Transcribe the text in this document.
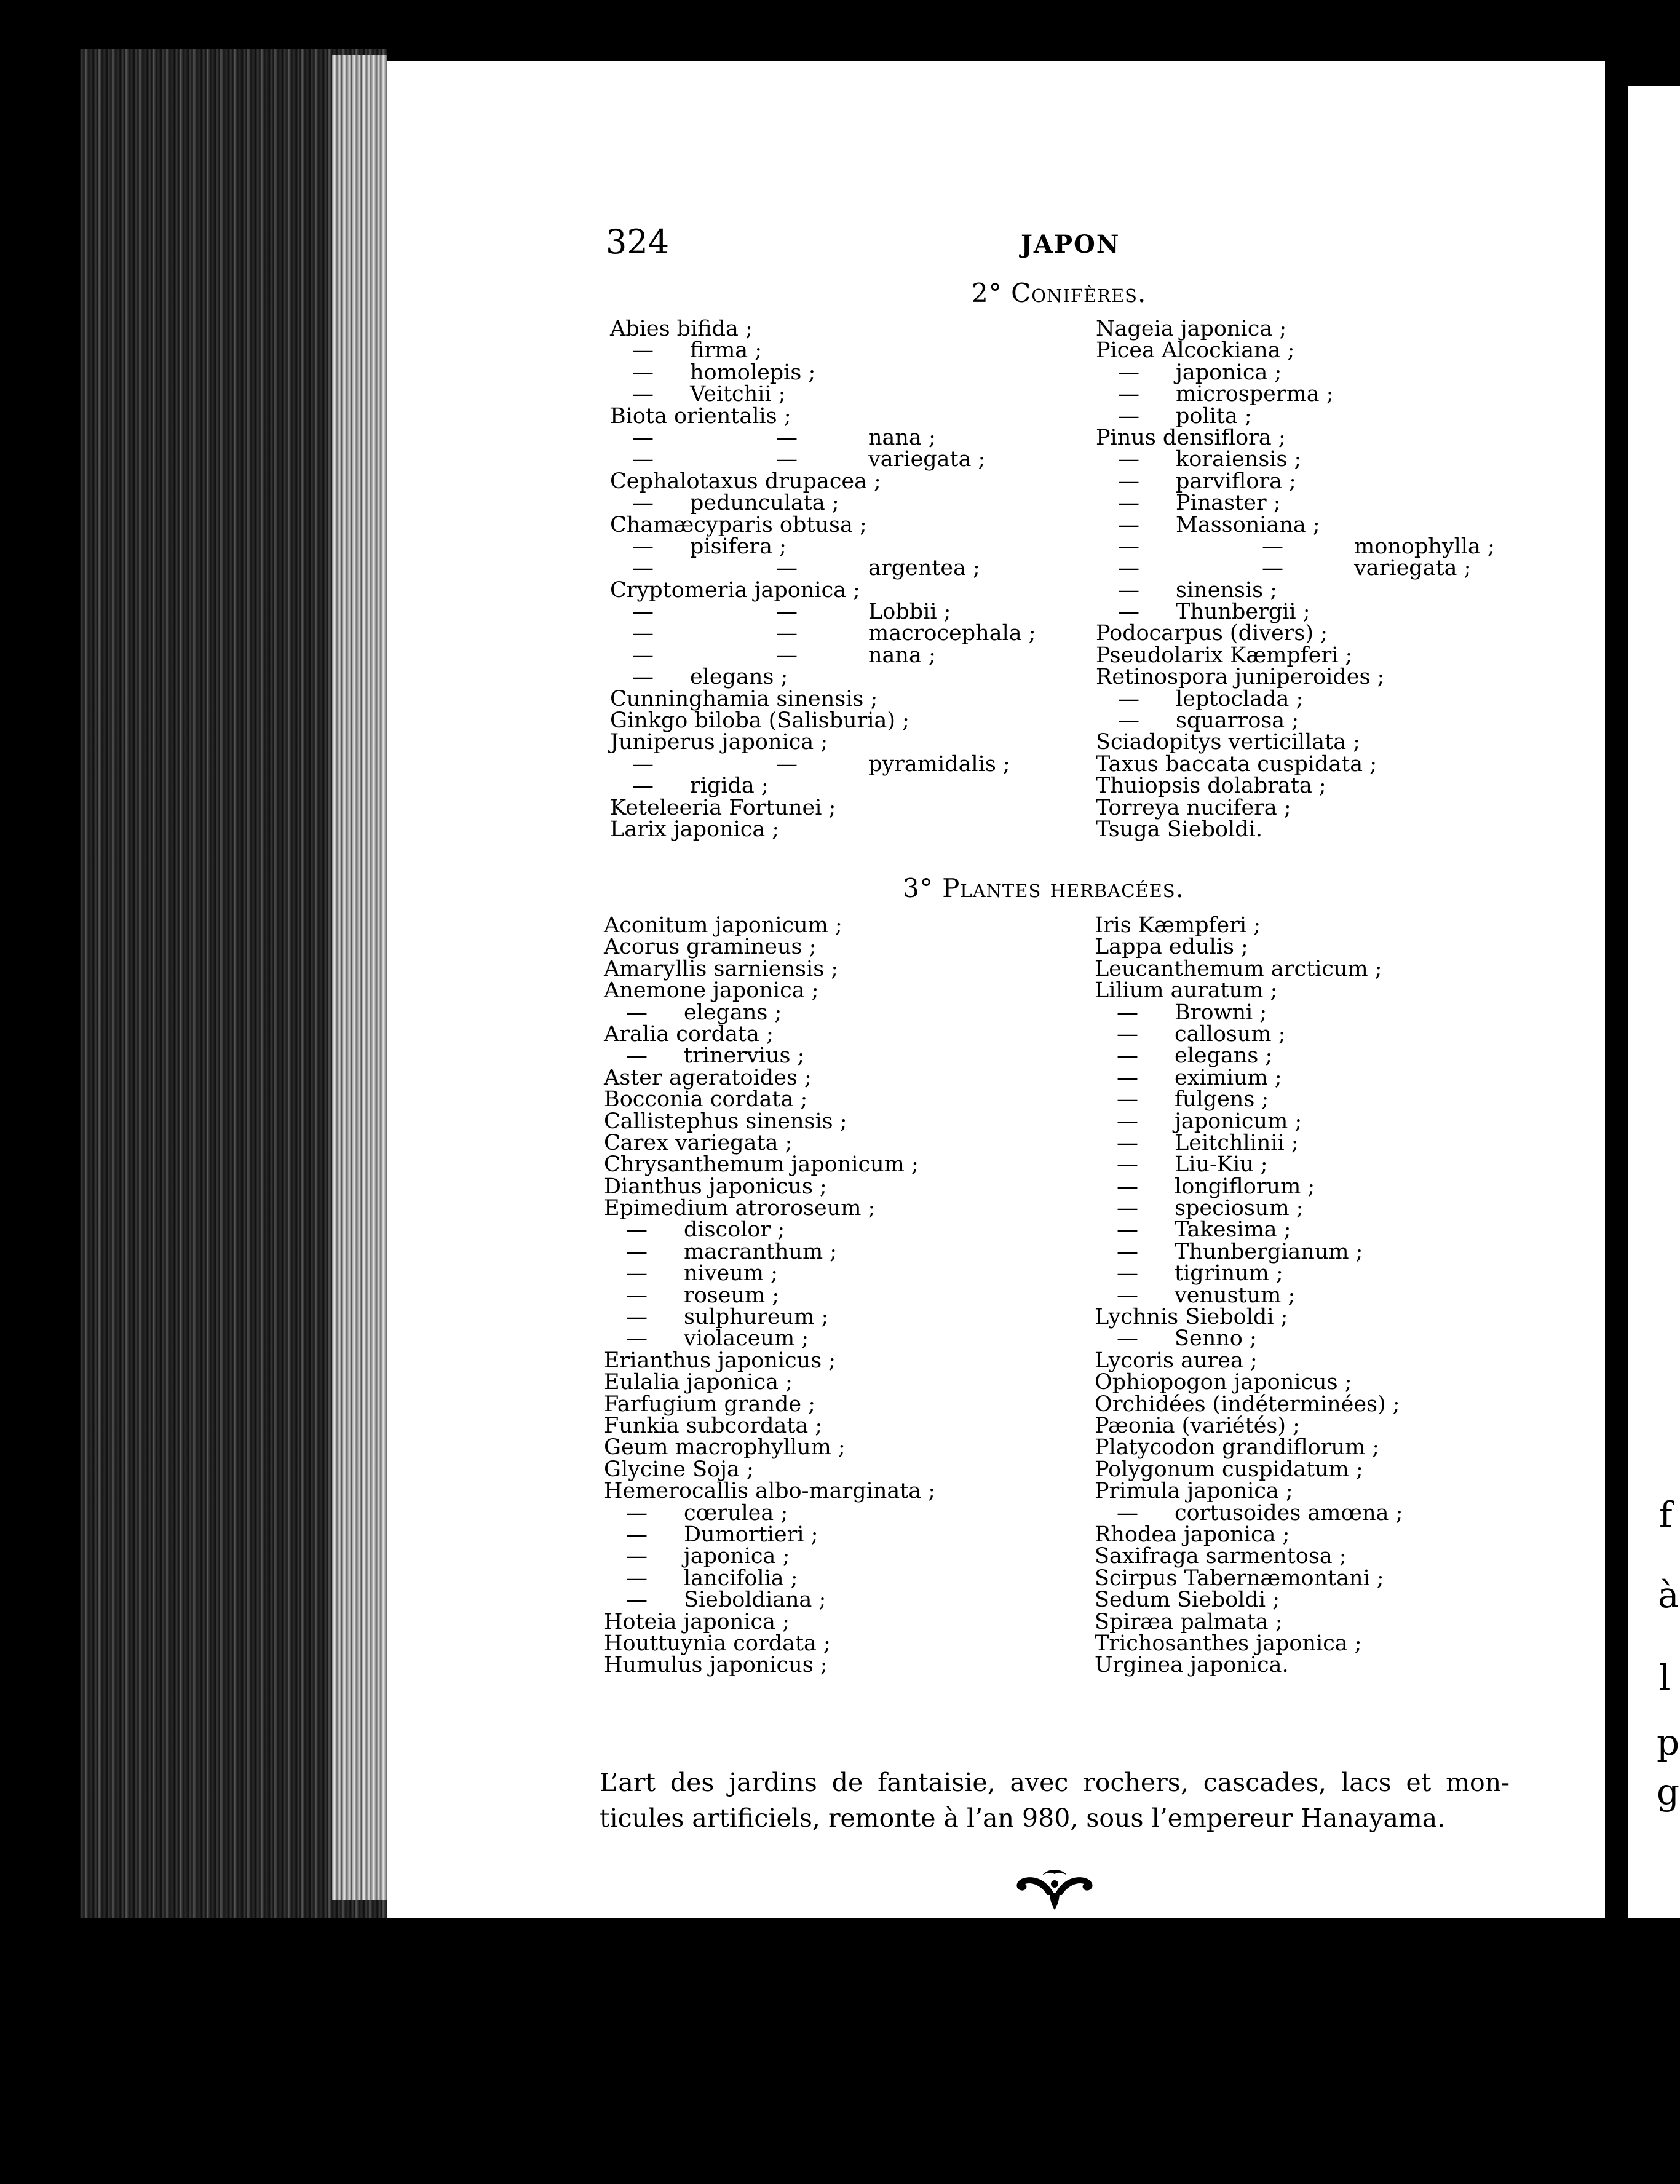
324	JAPON
2° Conifères.
Abies bifida ;
— firma ;
— homolepis ;
— Veitchii ;
Biota orientalis ;
—	—	nana ;
—	—	variegata ;
Cephalotaxus drupacea ;
— pedunculata ;
Chamæcyparis obtusa ;
— pisifera ;
—	—	argentea ;
Cryptomeria japonica ;
—	—	Lobbii ;
—	—	macrocephala ;
—	—	nana ;
— elegans ;
Cunninghamia sinensis ;
Ginkgo biloba (Salisburia) ;
Juniperus japonica ;
—	—	pyramidalis ;
— rigida ;
Keteleeria Fortunei ;
Larix japonica ;
Nageia japonica ;
Picea Alcockiana ;
— japonica ;
— microsperma ;
— polita ;
Pinus densiflora ;
— koraiensis ;
— parviflora ;
— Pinaster ;
— Massoniana ;
—	—	monophylla ;
—	—	variegata ;
— sinensis ;
— Thunbergii ;
Podocarpus (divers) ;
Pseudolarix Kæmpferi ;
Retinospora juniperoides ;
— leptoclada ;
— squarrosa ;
Sciadopitys verticillata ;
Taxus baccata cuspidata ;
Thuiopsis dolabrata ;
Torreya nucifera ;
Tsuga Sieboldi.
3° Plantes herbacées.
Aconitum japonicum ;
Acorus gramineus ;
Amaryllis sarniensis ;
Anemone japonica ;
— elegans ;
Aralia cordata ;
— trinervius ;
Aster ageratoides ;
Bocconia cordata ;
Callistephus sinensis ;
Carex variegata ;
Chrysanthemum japonicum ;
Dianthus japonicus ;
Epimedium atroroseum ;
— discolor ;
— macranthum ;
— niveum ;
— roseum ;
— sulphureum ;
— violaceum ;
Erianthus japonicus ;
Eulalia japonica ;
Farfugium grande ;
Funkia subcordata ;
Geum macrophyllum ;
Glycine Soja ;
Hemerocallis albo-marginata ;
— cœrulea ;
— Dumortieri ;
— japonica ;
— lancifolia ;
— Sieboldiana ;
Hoteia japonica ;
Houttuynia cordata ;
Humulus japonicus ;
Iris Kæmpferi ;
Lappa edulis ;
Leucanthemum arcticum ;
Lilium auratum ;
— Browni ;
— callosum ;
— elegans ;
— eximium ;
— fulgens ;
— japonicum ;
— Leitchlinii ;
— Liu-Kiu ;
— longiflorum ;
— speciosum ;
— Takesima ;
— Thunbergianum ;
— tigrinum ;
— venustum ;
Lychnis Sieboldi ;
— Senno ;
Lycoris aurea ;
Ophiopogon japonicus ;
Orchidées (indéterminées) ;
Pæonia (variétés) ;
Platycodon grandiflorum ;
Polygonum cuspidatum ;
Primula japonica ;
— cortusoides amœna ;
Rhodea japonica ;
Saxifraga sarmentosa ;
Scirpus Tabernæmontani ;
Sedum Sieboldi ;
Spiræa palmata ;
Trichosanthes japonica ;
Urginea japonica.
L’art des jardins de fantaisie, avec rochers, cascades, lacs et mon-
ticules artificiels, remonte à l’an 980, sous l’empereur Hanayama.
f
à
l
p
g
